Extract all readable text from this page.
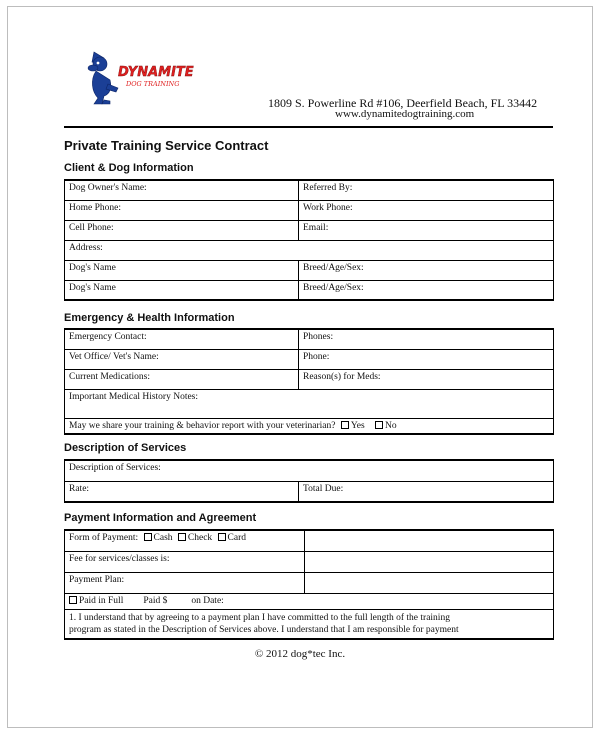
DYNAMITE
DOG TRAINING
1809 S. Powerline Rd #106, Deerfield Beach, FL 33442
www.dynamitedogtraining.com
Private Training Service Contract
Client & Dog Information
Dog Owner's Name:	Referred By:
Home Phone:	Work Phone:
Cell Phone:	Email:
Address:	
Dog's Name	Breed/Age/Sex:
Dog's Name	Breed/Age/Sex:
Emergency & Health Information
Emergency Contact:	Phones:
Vet Office/ Vet's Name:	Phone:
Current Medications:	Reason(s) for Meds:
Important Medical History Notes:	
May we share your training & behavior report with your veterinarian? Yes No	
Description of Services
Description of Services:
Rate:	Total Due:
Payment Information and Agreement
Form of Payment: Cash Check Card	
Fee for services/classes is:	
Payment Plan:	
Paid in Full Paid $ on Date:	

1. I understand that by agreeing to a payment plan I have committed to the full length of the training
program as stated in the Description of Services above. I understand that I am responsible for payment	
© 2012 dog*tec Inc.
